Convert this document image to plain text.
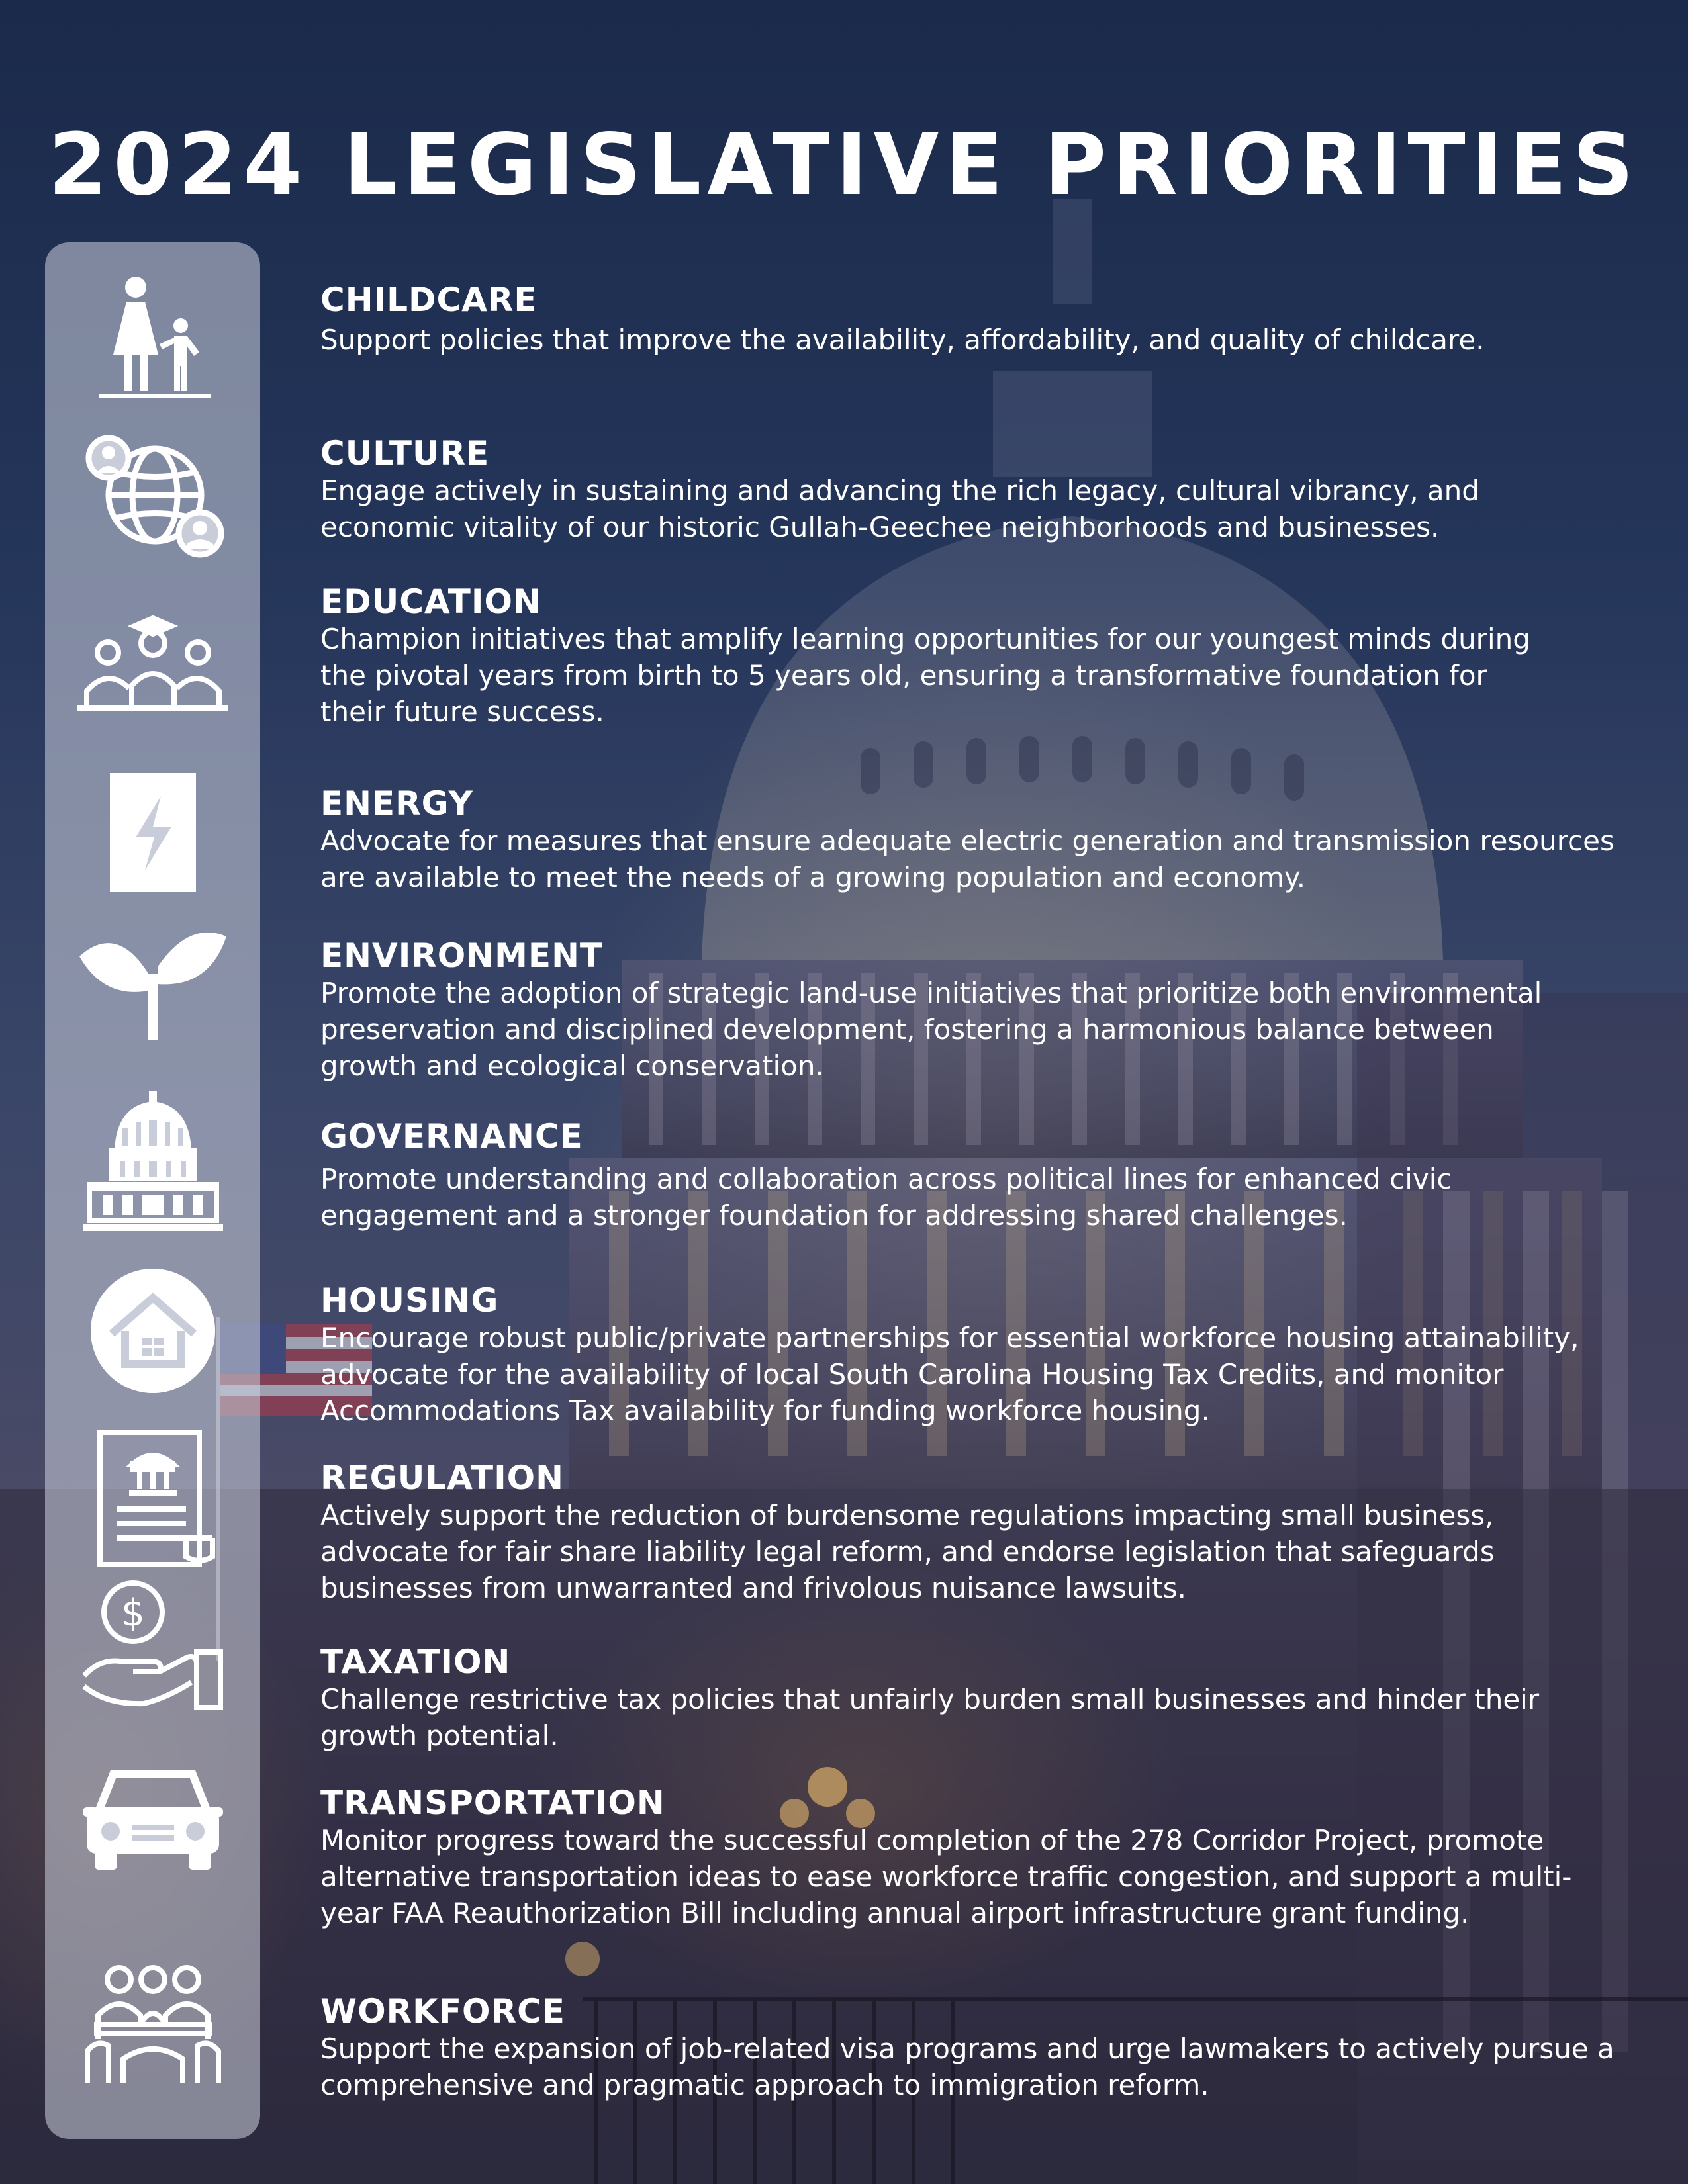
2024 LEGISLATIVE PRIORITIES
$
CHILDCARE

Support policies that improve the availability, affordability, and quality of childcare.

CULTURE

Engage actively in sustaining and advancing the rich legacy, cultural vibrancy, and economic vitality of our historic Gullah-Geechee neighborhoods and businesses.

EDUCATION

Champion initiatives that amplify learning opportunities for our youngest minds during the pivotal years from birth to 5 years old, ensuring a transformative foundation for their future success.

ENERGY

Advocate for measures that ensure adequate electric generation and transmission resources are available to meet the needs of a growing population and economy.

ENVIRONMENT

Promote the adoption of strategic land-use initiatives that prioritize both environmental preservation and disciplined development, fostering a harmonious balance between growth and ecological conservation.

GOVERNANCE

Promote understanding and collaboration across political lines for enhanced civic engagement and a stronger foundation for addressing shared challenges.

HOUSING

Encourage robust public/private partnerships for essential workforce housing attainability, advocate for the availability of local South Carolina Housing Tax Credits, and monitor Accommodations Tax availability for funding workforce housing.

REGULATION

Actively support the reduction of burdensome regulations impacting small business, advocate for fair share liability legal reform, and endorse legislation that safeguards businesses from unwarranted and frivolous nuisance lawsuits.

TAXATION

Challenge restrictive tax policies that unfairly burden small businesses and hinder their growth potential.

TRANSPORTATION

Monitor progress toward the successful completion of the 278 Corridor Project, promote alternative transportation ideas to ease workforce traffic congestion, and support a multi-year FAA Reauthorization Bill including annual airport infrastructure grant funding.

WORKFORCE

Support the expansion of job-related visa programs and urge lawmakers to actively pursue a comprehensive and pragmatic approach to immigration reform.
